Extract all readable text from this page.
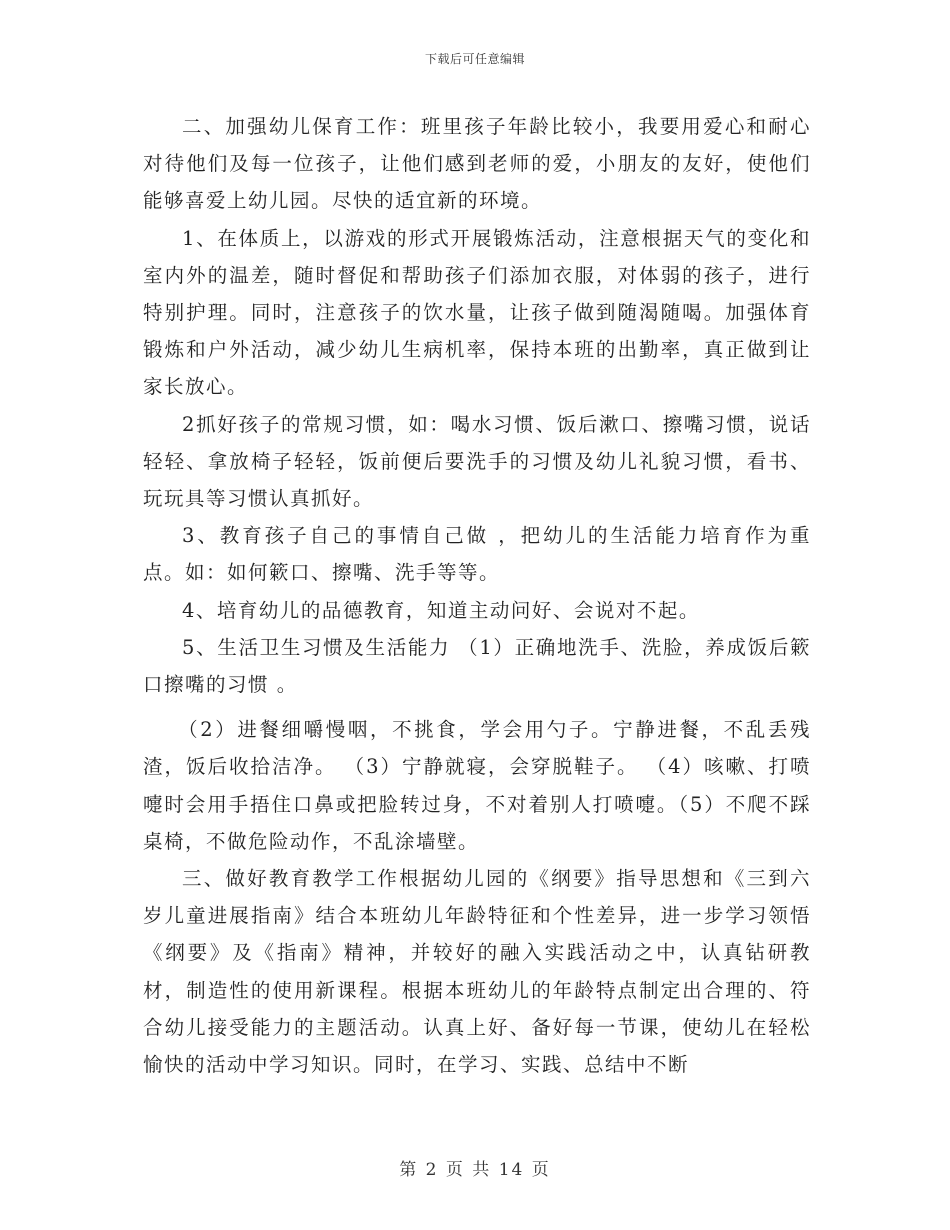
下载后可任意编辑

二、加强幼儿保育工作：班里孩子年龄比较小，我要用爱心和耐心对待他们及每一位孩子，让他们感到老师的爱，小朋友的友好，使他们能够喜爱上幼儿园。尽快的适宜新的环境。

1、在体质上，以游戏的形式开展锻炼活动，注意根据天气的变化和室内外的温差，随时督促和帮助孩子们添加衣服，对体弱的孩子，进行特别护理。同时，注意孩子的饮水量，让孩子做到随渴随喝。加强体育锻炼和户外活动，减少幼儿生病机率，保持本班的出勤率，真正做到让家长放心。

2抓好孩子的常规习惯，如：喝水习惯、饭后漱口、擦嘴习惯，说话轻轻、拿放椅子轻轻，饭前便后要洗手的习惯及幼儿礼貌习惯，看书、玩玩具等习惯认真抓好。

3、教育孩子自己的事情自己做 ，把幼儿的生活能力培育作为重点。如：如何簌口、擦嘴、洗手等等。

4、培育幼儿的品德教育，知道主动问好、会说对不起。

5、生活卫生习惯及生活能力 （1）正确地洗手、洗脸，养成饭后簌口擦嘴的习惯 。

（2）进餐细嚼慢咽，不挑食，学会用勺子。宁静进餐，不乱丢残渣，饭后收拾洁净。 （3）宁静就寝，会穿脱鞋子。 （4）咳嗽、打喷嚏时会用手捂住口鼻或把脸转过身，不对着别人打喷嚏。（5）不爬不踩桌椅，不做危险动作，不乱涂墙壁。

三、做好教育教学工作根据幼儿园的《纲要》指导思想和《三到六岁儿童进展指南》结合本班幼儿年龄特征和个性差异，进一步学习领悟《纲要》及《指南》精神，并较好的融入实践活动之中，认真钻研教材，制造性的使用新课程。根据本班幼儿的年龄特点制定出合理的、符合幼儿接受能力的主题活动。认真上好、备好每一节课，使幼儿在轻松愉快的活动中学习知识。同时，在学习、实践、总结中不断

第 2 页 共 14 页
